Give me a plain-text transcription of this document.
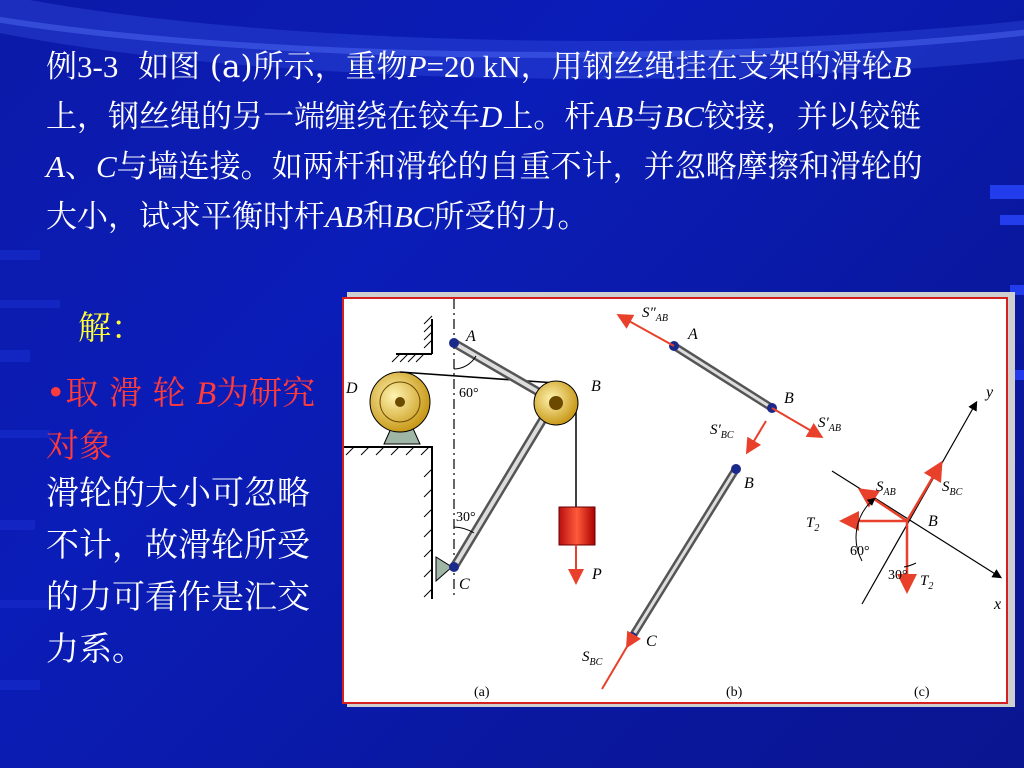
例3-3 如图 (a)所示，重物P=20 kN，用钢丝绳挂在支架的滑轮B上，钢丝绳的另一端缠绕在铰车D上。杆AB与BC铰接，并以铰链A、C与墙连接。如两杆和滑轮的自重不计，并忽略摩擦和滑轮的大小，试求平衡时杆AB和BC所受的力。
解：
•取 滑 轮 B为研究对象
滑轮的大小可忽略不计，故滑轮所受的力可看作是汇交力系。
A
B
C
D
P
60°
30°
(a)
$S''_{AB}$
A
B
$S'_{AB}$
$S'_{BC}$
B
C
$S_{BC}$
(b)
y
x
$S_{AB}$	$S_{BC}$
$T_2$	B
60°
30° $T_2$
(c)
